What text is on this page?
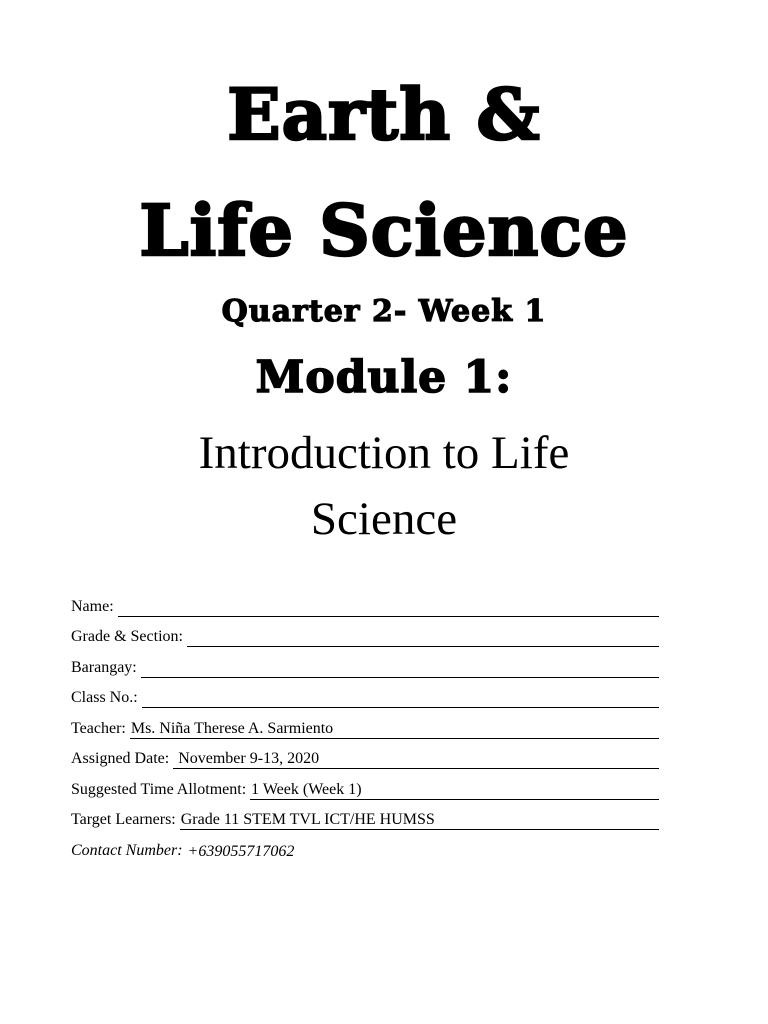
Earth &
Life Science
Quarter 2- Week 1
Module 1:
Introduction to Life
Science
Name:
Grade & Section:
Barangay:
Class No.:
Teacher: Ms. Niña Therese A. Sarmiento
Assigned Date: November 9-13, 2020
Suggested Time Allotment: 1 Week (Week 1)
Target Learners: Grade 11 STEM TVL ICT/HE HUMSS
Contact Number: +639055717062
